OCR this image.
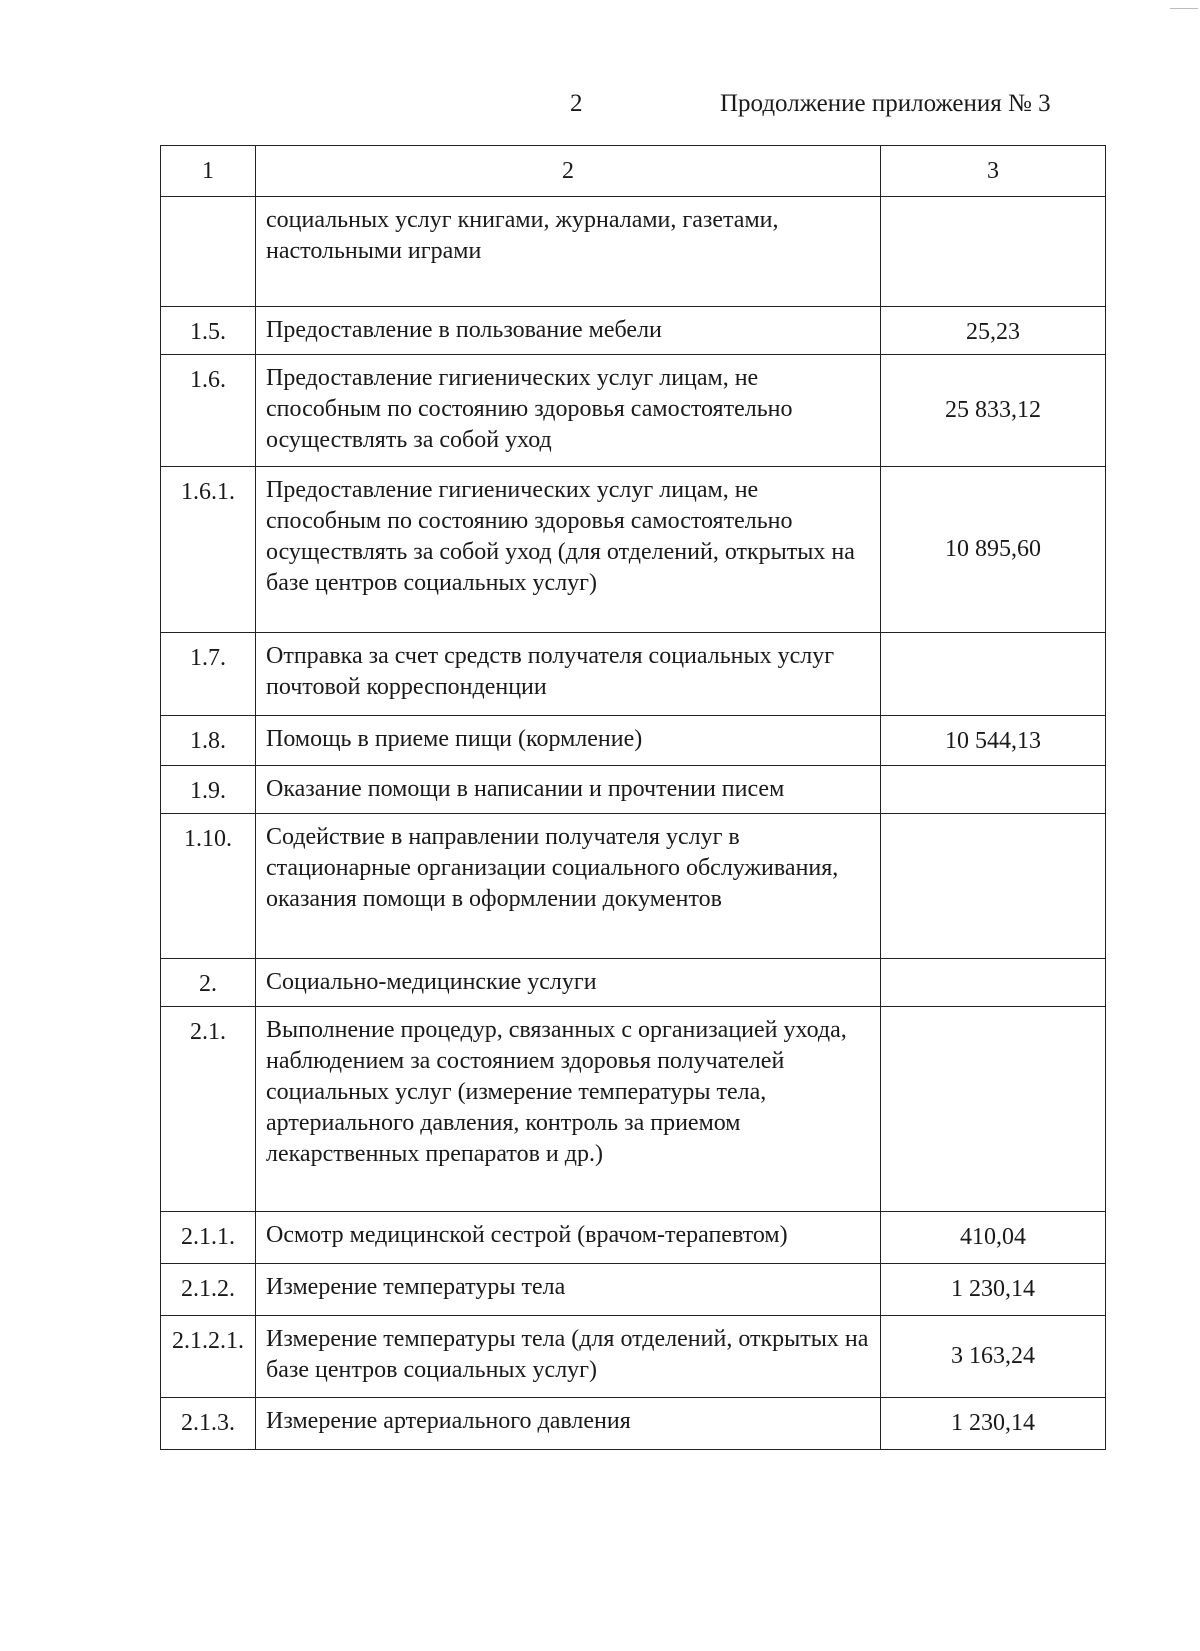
2	Продолжение приложения № 3
1	2	3
	социальных услуг книгами, журналами, газетами, настольными играми	
1.5.	Предоставление в пользование мебели	25,23
1.6.	Предоставление гигиенических услуг лицам, не способным по состоянию здоровья самостоятельно осуществлять за собой уход	25 833,12
1.6.1.	Предоставление гигиенических услуг лицам, не способным по состоянию здоровья самостоятельно осуществлять за собой уход (для отделений, открытых на базе центров социальных услуг)	10 895,60
1.7.	Отправка за счет средств получателя социальных услуг почтовой корреспонденции	
1.8.	Помощь в приеме пищи (кормление)	10 544,13
1.9.	Оказание помощи в написании и прочтении писем	
1.10.	Содействие в направлении получателя услуг в стационарные организации социального обслуживания, оказания помощи в оформлении документов	
2.	Социально-медицинские услуги	
2.1.	Выполнение процедур, связанных с организацией ухода, наблюдением за состоянием здоровья получателей социальных услуг (измерение температуры тела, артериального давления, контроль за приемом лекарственных препаратов и др.)	
2.1.1.	Осмотр медицинской сестрой (врачом-терапевтом)	410,04
2.1.2.	Измерение температуры тела	1 230,14
2.1.2.1.	Измерение температуры тела (для отделений, открытых на базе центров социальных услуг)	3 163,24
2.1.3.	Измерение артериального давления	1 230,14
